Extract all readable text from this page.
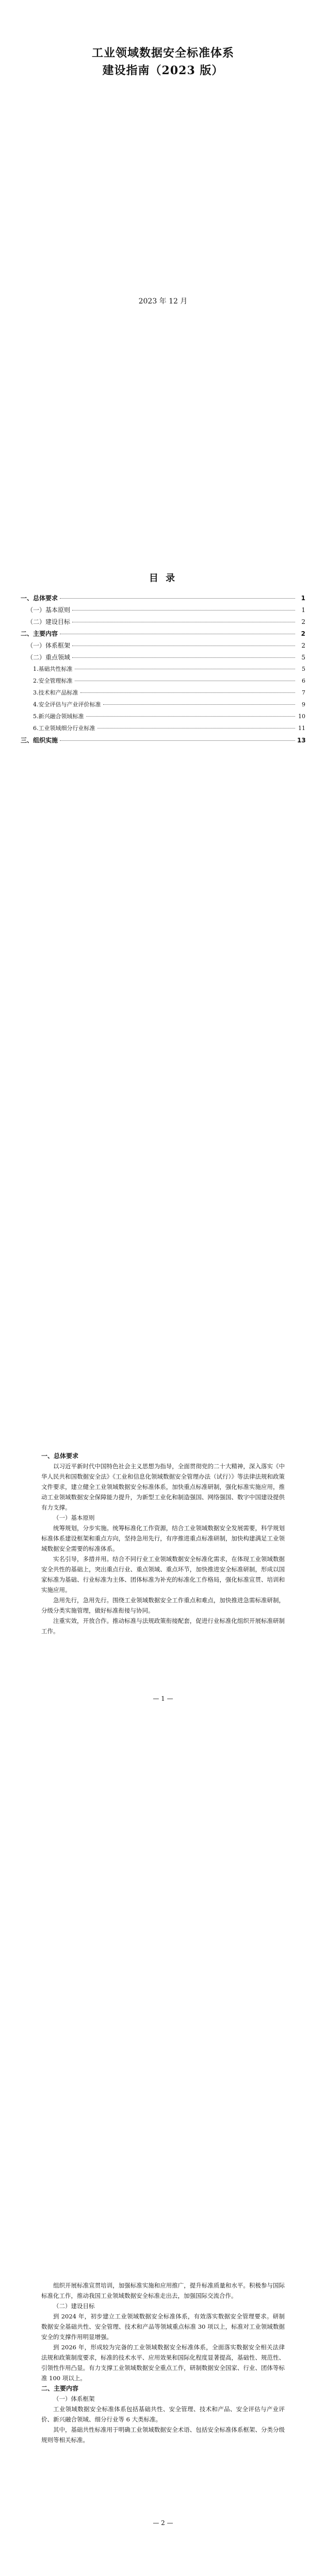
工业领域数据安全标准体系
建设指南（2023 版）
2023 年 12 月
目 录
一、总体要求	1
（一）基本原则	1
（二）建设目标	2
二、主要内容	2
（一）体系框架	2
（二）重点领域	5
1.基础共性标准	5
2.安全管理标准	6
3.技术和产品标准	7
4.安全评估与产业评价标准	9
5.新兴融合领域标准	10
6.工业领域细分行业标准	11
三、组织实施	13
一、总体要求

以习近平新时代中国特色社会主义思想为指导，全面贯彻党的二十大精神，深入落实《中华人民共和国数据安全法》《工业和信息化领域数据安全管理办法（试行）》等法律法规和政策文件要求，建立健全工业领域数据安全标准体系，加快重点标准研制，强化标准实施应用，推动工业领域数据安全保障能力提升，为新型工业化和制造强国、网络强国、数字中国建设提供有力支撑。

（一）基本原则

统筹规划，分步实施。统筹标准化工作资源，结合工业领域数据安全发展需要，科学规划标准体系建设框架和重点方向，坚持急用先行，有序推进重点标准研制，加快构建满足工业领域数据安全需要的标准体系。

实名引导，多措并用。结合不同行业工业领域数据安全标准化需求，在体现工业领域数据安全共性的基础上，突出重点行业、重点领域、重点环节，加快推进安全标准研制，形成以国家标准为基础、行业标准为主体、团体标准为补充的标准化工作格局，强化标准宣贯、培训和实施应用。

急用先行，急用先行。围绕工业领域数据安全工作重点和难点，加快推进急需标准研制，分级分类实施管理，做好标准衔接与协同。

注重实效，开放合作。推动标准与法规政策衔接配套，促进行业标准化组织开展标准研制工作。

— 1 —

组织开展标准宣贯培训，加强标准实施和应用推广，提升标准质量和水平。积极参与国际标准化工作，推动我国工业领域数据安全标准走出去，加强国际交流合作。

（二）建设目标

到 2024 年，初步建立工业领域数据安全标准体系，有效落实数据安全管理要求。研制数据安全基础共性、安全管理、技术和产品等领域重点标准 30 项以上，标准对工业领域数据安全的支撑作用明显增强。

到 2026 年，形成较为完备的工业领域数据安全标准体系，全面落实数据安全相关法律法规和政策制度要求，标准的技术水平、应用效果和国际化程度显著提高，基础性、规范性、引领性作用凸显。有力支撑工业领域数据安全重点工作，研制数据安全国家、行业、团体等标准 100 项以上。

二、主要内容
（一）体系框架

工业领域数据安全标准体系包括基础共性、安全管理、技术和产品、安全评估与产业评价、新兴融合领域、细分行业等 6 大类标准。

其中，基础共性标准用于明确工业领域数据安全术语、包括安全标准体系框架、分类分级规则等相关标准。

— 2 —
